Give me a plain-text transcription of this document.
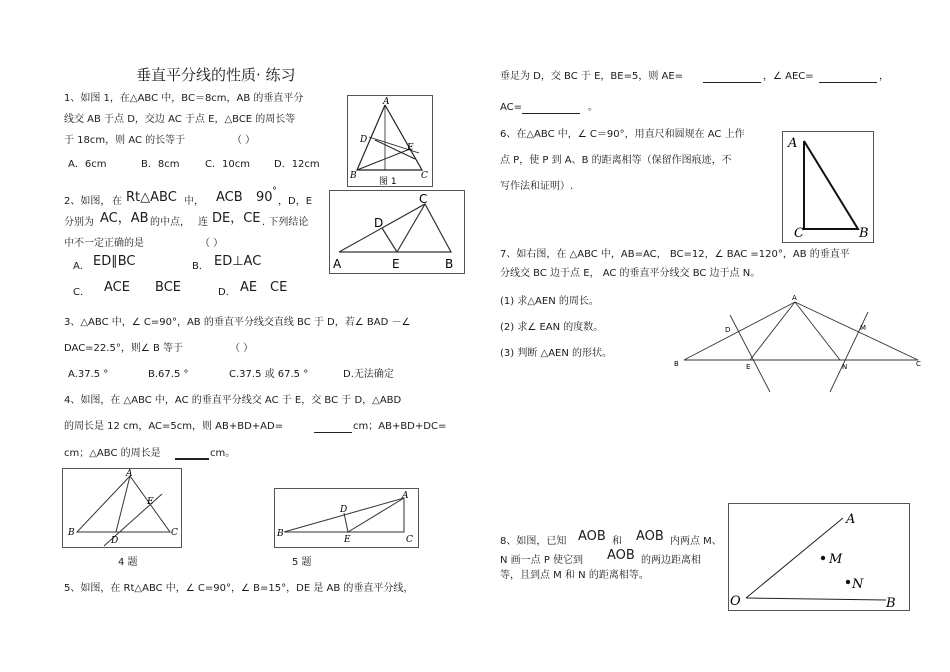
垂直平分线的性质· 练习
1、如图 1，在△ABC 中，BC＝8cm，AB 的垂直平分
线交 AB 于点 D，交边 AC 于点 E，△BCE 的周长等
于 18cm，则 AC 的长等于	（ ）
A．6cm	B．8cm	C．10cm D．12cm
A
D
E
B	C
图 1
2、如图， 在 Rt△ABC 中， ACB 90 °
，D，E
分别为 AC，AB 的中点， 连 DE，CE . 下列结论
中不一定正确的是	（ ）
A． ED∥BC	B． ED⊥AC
C． ACE BCE	D． AE CE
C
D
A	E	B
3、△ABC 中，∠ C=90°，AB 的垂直平分线交直线 BC 于 D，若∠ BAD －∠
DAC=22.5°，则∠ B 等于	（ ）
A.37.5 °	B.67.5 °	C.37.5 或 67.5 °	D.无法确定
4、如图，在 △ABC 中，AC 的垂直平分线交 AC 于 E，交 BC 于 D，△ABD
的周长是 12 cm，AC=5cm，则 AB+BD+AD=	cm；AB+BD+DC=
cm；△ABC 的周长是	cm。
A
E
B
D
C
4 题
A
D
B
E	C
5 题
5、如图，在 Rt△ABC 中，∠ C=90°，∠ B=15°，DE 是 AB 的垂直平分线，
垂足为 D，交 BC 于 E，BE=5，则 AE=	，∠ AEC=	，
AC=	。
6、在△ABC 中，∠ C＝90°，用直尺和圆规在 AC 上作
点 P，使 P 到 A、B 的距离相等（保留作图痕迹，不
写作法和证明）.
A
C	B
7、如右图，在 △ABC 中，AB=AC， BC=12，∠ BAC =120°，AB 的垂直平
分线交 BC 边于点 E， AC 的垂直平分线交 BC 边于点 N。
(1) 求△AEN 的周长。
(2) 求∠ EAN 的度数。
(3) 判断 △AEN 的形状。
A
D	M
B	E	N	C
8、如图，已知 AOB 和 AOB 内两点 M、
N 画一点 P 使它到 AOB 的两边距离相
等，且到点 M 和 N 的距离相等。
A
M
N
O	B
